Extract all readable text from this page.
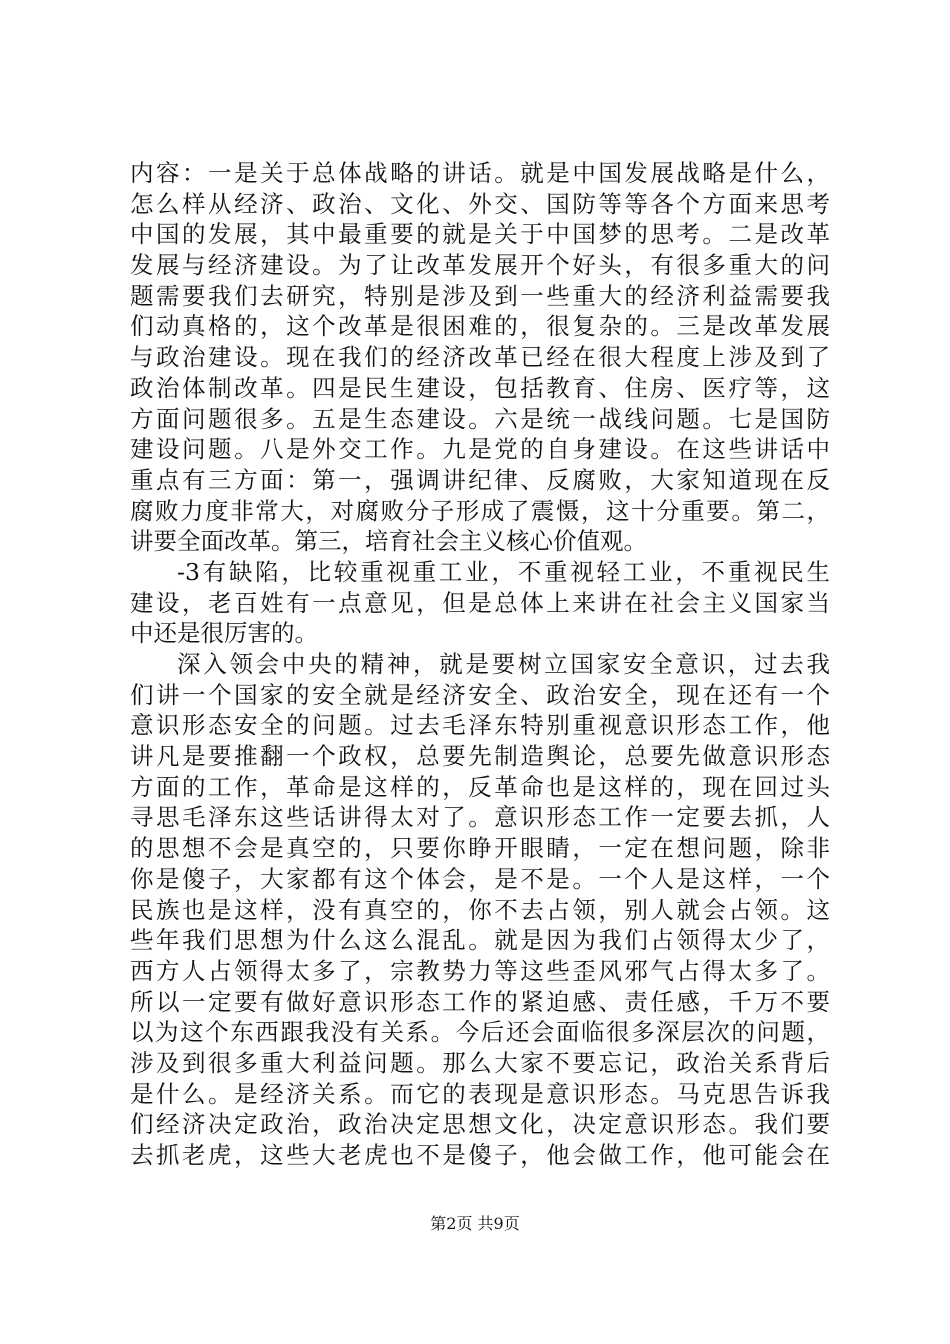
内容：一是关于总体战略的讲话。就是中国发展战略是什么，
怎么样从经济、政治、文化、外交、国防等等各个方面来思考
中国的发展，其中最重要的就是关于中国梦的思考。二是改革
发展与经济建设。为了让改革发展开个好头，有很多重大的问
题需要我们去研究，特别是涉及到一些重大的经济利益需要我
们动真格的，这个改革是很困难的，很复杂的。三是改革发展
与政治建设。现在我们的经济改革已经在很大程度上涉及到了
政治体制改革。四是民生建设，包括教育、住房、医疗等，这
方面问题很多。五是生态建设。六是统一战线问题。七是国防
建设问题。八是外交工作。九是党的自身建设。在这些讲话中
重点有三方面：第一，强调讲纪律、反腐败，大家知道现在反
腐败力度非常大，对腐败分子形成了震慑，这十分重要。第二，
讲要全面改革。第三，培育社会主义核心价值观。
-3有缺陷，比较重视重工业，不重视轻工业，不重视民生
建设，老百姓有一点意见，但是总体上来讲在社会主义国家当
中还是很厉害的。
深入领会中央的精神，就是要树立国家安全意识，过去我
们讲一个国家的安全就是经济安全、政治安全，现在还有一个
意识形态安全的问题。过去毛泽东特别重视意识形态工作，他
讲凡是要推翻一个政权，总要先制造舆论，总要先做意识形态
方面的工作，革命是这样的，反革命也是这样的，现在回过头
寻思毛泽东这些话讲得太对了。意识形态工作一定要去抓，人
的思想不会是真空的，只要你睁开眼睛，一定在想问题，除非
你是傻子，大家都有这个体会，是不是。一个人是这样，一个
民族也是这样，没有真空的，你不去占领，别人就会占领。这
些年我们思想为什么这么混乱。就是因为我们占领得太少了，
西方人占领得太多了，宗教势力等这些歪风邪气占得太多了。
所以一定要有做好意识形态工作的紧迫感、责任感，千万不要
以为这个东西跟我没有关系。今后还会面临很多深层次的问题，
涉及到很多重大利益问题。那么大家不要忘记，政治关系背后
是什么。是经济关系。而它的表现是意识形态。马克思告诉我
们经济决定政治，政治决定思想文化，决定意识形态。我们要
去抓老虎，这些大老虎也不是傻子，他会做工作，他可能会在
第2页 共9页
